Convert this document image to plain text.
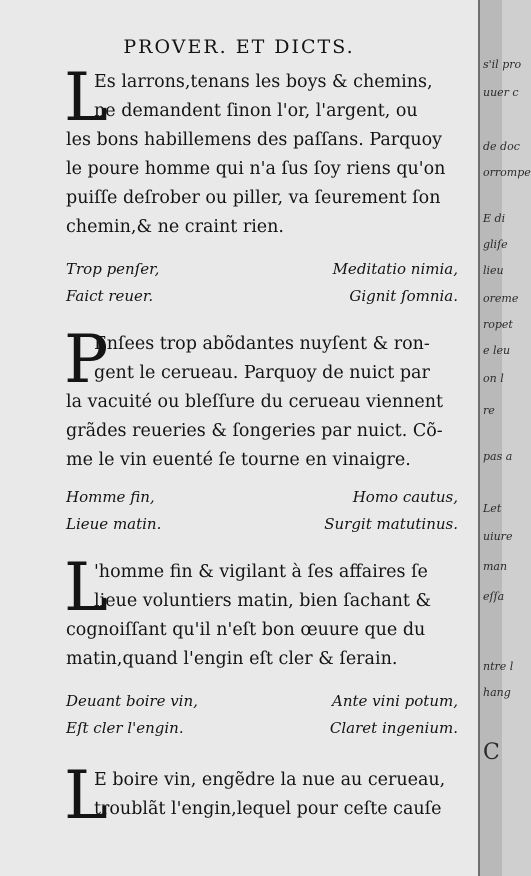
PROVER. ET DICTS.
L
Es larrons,tenans les boys & chemins,
ne demandent ſinon l'or, l'argent, ou
les bons habillemens des paſſans. Parquoy
le poure homme qui n'a ſus ſoy riens qu'on
puiſſe deſrober ou piller, va ſeurement ſon
chemin,& ne craint rien.
Trop penſer,	Meditatio nimia,
Faict reuer.	Gignit ſomnia.
P
Enſees trop abõdantes nuyſent & ron-
gent le cerueau. Parquoy de nuict par
la vacuité ou bleſſure du cerueau viennent
grãdes reueries & ſongeries par nuict. Cõ-
me le vin euenté ſe tourne en vinaigre.
Homme fin,	Homo cautus,
Lieue matin.	Surgit matutinus.
L
'homme fin & vigilant à ſes affaires ſe
lieue voluntiers matin, bien ſachant &
cognoiſſant qu'il n'eſt bon œuure que du
matin,quand l'engin eſt cler & ſerain.
Deuant boire vin,	Ante vini potum,
Eſt cler l'engin.	Claret ingenium.
L
E boire vin, engẽdre la nue au cerueau,
troublãt l'engin,lequel pour ceſte cauſe
s'il pro
uuer c
de doc
orrompe
E di
gliſe
lieu
oreme
ropet
e leu
on l
re
pas a
Let
uiure
man
eſſa
ntre l
hang
C
